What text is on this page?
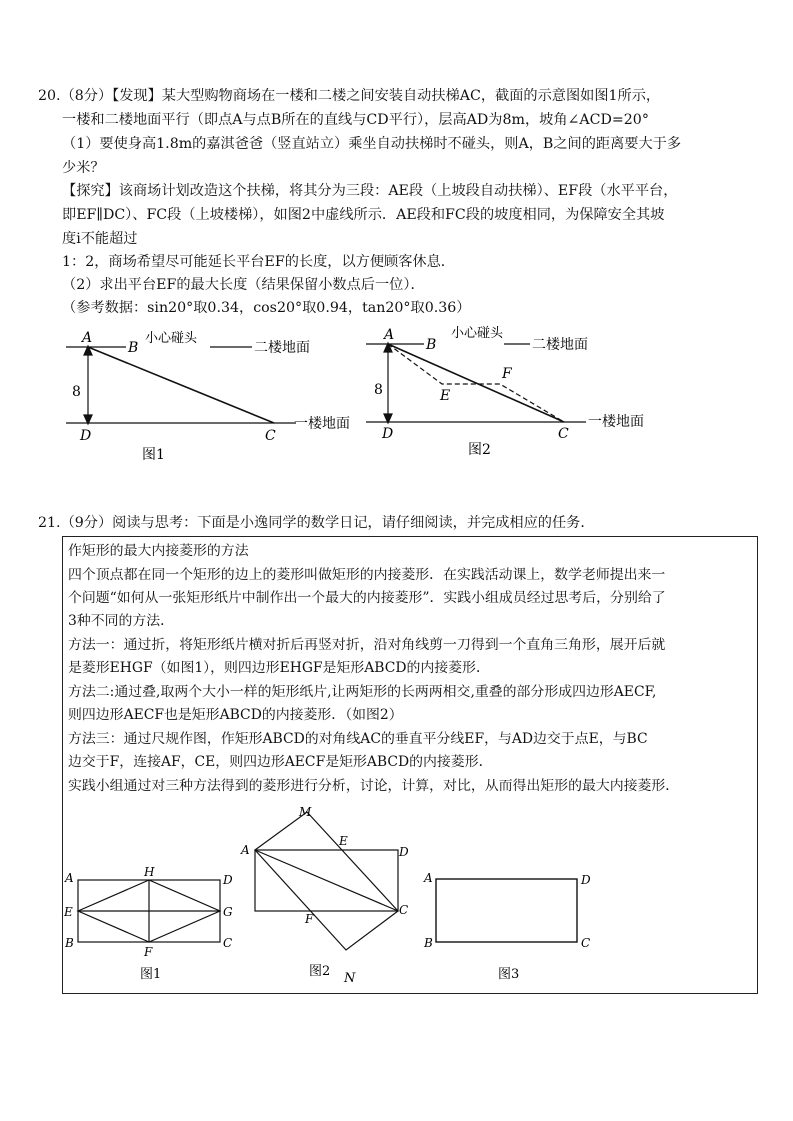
20.（8分）【发现】某大型购物商场在一楼和二楼之间安装自动扶梯AC，截面的示意图如图1所示，
一楼和二楼地面平行（即点A与点B所在的直线与CD平行），层高AD为8m，坡角∠ACD=20°
（1）要使身高1.8m的嘉淇爸爸（竖直站立）乘坐自动扶梯时不碰头，则A，B之间的距离要大于多
少米？
【探究】该商场计划改造这个扶梯，将其分为三段：AE段（上坡段自动扶梯）、EF段（水平平台，
即EF∥DC）、FC段（上坡楼梯），如图2中虚线所示．AE段和FC段的坡度相同，为保障安全其坡
度i不能超过
1：2，商场希望尽可能延长平台EF的长度，以方便顾客休息．
（2）求出平台EF的最大长度（结果保留小数点后一位）．
（参考数据：sin20°取0.34，cos20°取0.94，tan20°取0.36）
A
B
小心碰头
二楼地面
8
一楼地面
D	C
图1
A
B
小心碰头
二楼地面
8
F
E
一楼地面
D	C
图2
21.（9分）阅读与思考：下面是小逸同学的数学日记，请仔细阅读，并完成相应的任务．
作矩形的最大内接菱形的方法
四个顶点都在同一个矩形的边上的菱形叫做矩形的内接菱形．在实践活动课上，数学老师提出来一
个问题“如何从一张矩形纸片中制作出一个最大的内接菱形”．实践小组成员经过思考后，分别给了
3种不同的方法．
方法一：通过折，将矩形纸片横对折后再竖对折，沿对角线剪一刀得到一个直角三角形，展开后就
是菱形EHGF（如图1），则四边形EHGF是矩形ABCD的内接菱形．
方法二:通过叠,取两个大小一样的矩形纸片,让两矩形的长两两相交,重叠的部分形成四边形AECF,
则四边形AECF也是矩形ABCD的内接菱形．（如图2）
方法三：通过尺规作图，作矩形ABCD的对角线AC的垂直平分线EF，与AD边交于点E，与BC
边交于F，连接AF，CE，则四边形AECF是矩形ABCD的内接菱形．
实践小组通过对三种方法得到的菱形进行分析，讨论，计算，对比，从而得出矩形的最大内接菱形．
A	H
D
E	G
B
F
C
图1
M
A
E
D
C
F
图2 N
A	D
B	C
图3
